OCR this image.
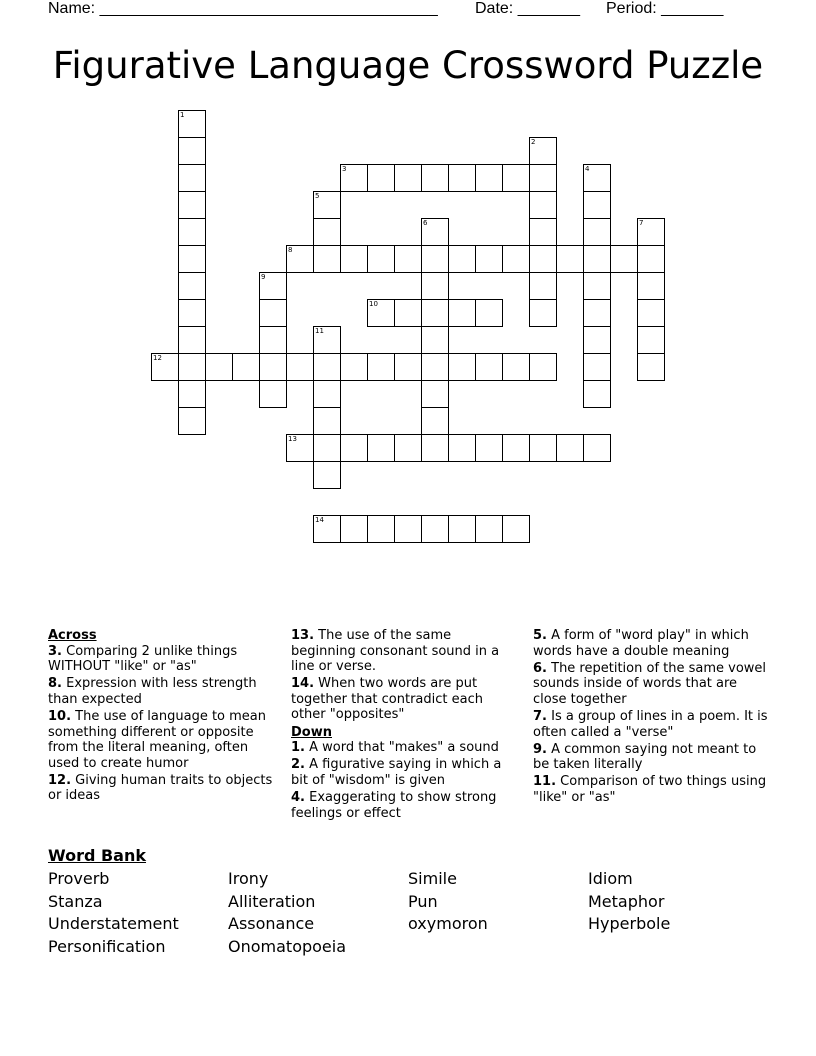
Name: ______________________________________ Date: _______ Period: _______
Figurative Language Crossword Puzzle
1
2
3	4
5
6	7
8
9
10
11
12
13
14
Across
3. Comparing 2 unlike things WITHOUT "like" or "as"
8. Expression with less strength than expected
10. The use of language to mean something different or opposite from the literal meaning, often used to create humor
12. Giving human traits to objects or ideas
13. The use of the same beginning consonant sound in a line or verse.
14. When two words are put together that contradict each other "opposites"
Down
1. A word that "makes" a sound
2. A figurative saying in which a bit of "wisdom" is given
4. Exaggerating to show strong feelings or effect
5. A form of "word play" in which words have a double meaning
6. The repetition of the same vowel sounds inside of words that are close together
7. Is a group of lines in a poem. It is often called a "verse"
9. A common saying not meant to be taken literally
11. Comparison of two things using "like" or "as"
Word Bank
Proverb	Irony	Simile	Idiom
Stanza	Alliteration	Pun	Metaphor
Understatement	Assonance	oxymoron	Hyperbole
Personification	Onomatopoeia
